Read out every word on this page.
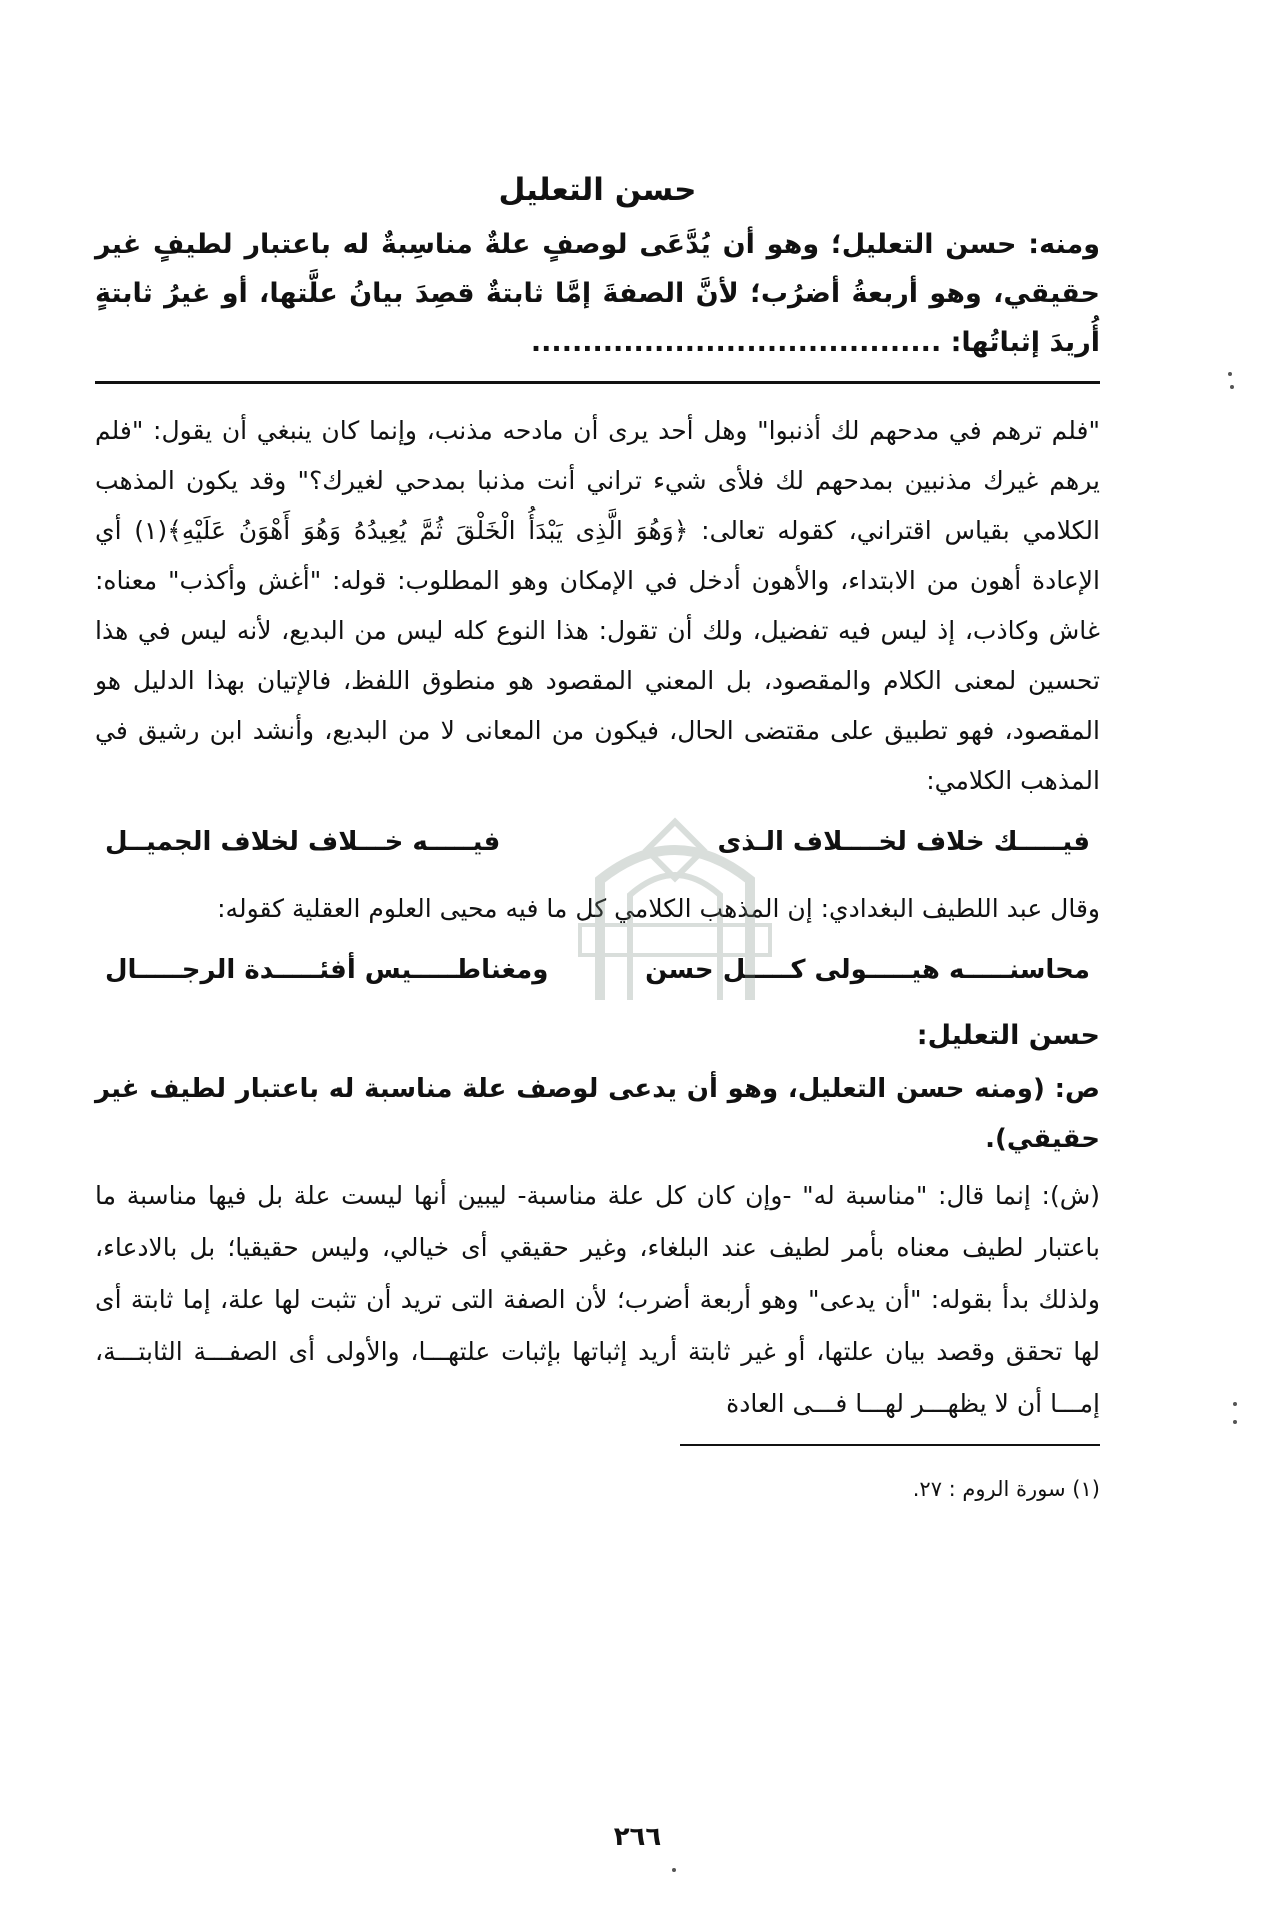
حسن التعليل

ومنه: حسن التعليل؛ وهو أن يُدَّعَى لوصفٍ علةٌ مناسِبةٌ له باعتبار لطيفٍ غير حقيقي، وهو أربعةُ أضرُب؛ لأنَّ الصفةَ إمَّا ثابتةٌ قصِدَ بيانُ علَّتها، أو غيرُ ثابتةٍ أُريدَ إثباتُها: ........................................

"فلم ترهم في مدحهم لك أذنبوا" وهل أحد يرى أن مادحه مذنب، وإنما كان ينبغي أن يقول: "فلم يرهم غيرك مذنبين بمدحهم لك فلأى شيء تراني أنت مذنبا بمدحي لغيرك؟" وقد يكون المذهب الكلامي بقياس اقتراني، كقوله تعالى: ﴿وَهُوَ الَّذِى يَبْدَأُ الْخَلْقَ ثُمَّ يُعِيدُهُ وَهُوَ أَهْوَنُ عَلَيْهِ﴾(١) أي الإعادة أهون من الابتداء، والأهون أدخل في الإمكان وهو المطلوب: قوله: "أغش وأكذب" معناه: غاش وكاذب، إذ ليس فيه تفضيل، ولك أن تقول: هذا النوع كله ليس من البديع، لأنه ليس في هذا تحسين لمعنى الكلام والمقصود، بل المعني المقصود هو منطوق اللفظ، فالإتيان بهذا الدليل هو المقصود، فهو تطبيق على مقتضى الحال، فيكون من المعانى لا من البديع، وأنشد ابن رشيق في المذهب الكلامي:

فيـــــك خلاف لخــــلاف الـذى
فيـــــه خـــلاف لخلاف الجميــل

وقال عبد اللطيف البغدادي: إن المذهب الكلامي كل ما فيه محيى العلوم العقلية كقوله:

محاسنـــــه هيـــــولى كـــــل حسن
ومغناطـــــيس أفئـــــدة الرجـــــال
حسن التعليل:

ص: (ومنه حسن التعليل، وهو أن يدعى لوصف علة مناسبة له باعتبار لطيف غير حقيقي).

(ش): إنما قال: "مناسبة له" -وإن كان كل علة مناسبة- ليبين أنها ليست علة بل فيها مناسبة ما باعتبار لطيف معناه بأمر لطيف عند البلغاء، وغير حقيقي أى خيالي، وليس حقيقيا؛ بل بالادعاء، ولذلك بدأ بقوله: "أن يدعى" وهو أربعة أضرب؛ لأن الصفة التى تريد أن تثبت لها علة، إما ثابتة أى لها تحقق وقصد بيان علتها، أو غير ثابتة أريد إثباتها بإثبات علتهـــا، والأولى أى الصفـــة الثابتـــة، إمـــا أن لا يظهـــر لهـــا فـــى العادة

(١) سورة الروم : ٢٧.

٢٦٦
